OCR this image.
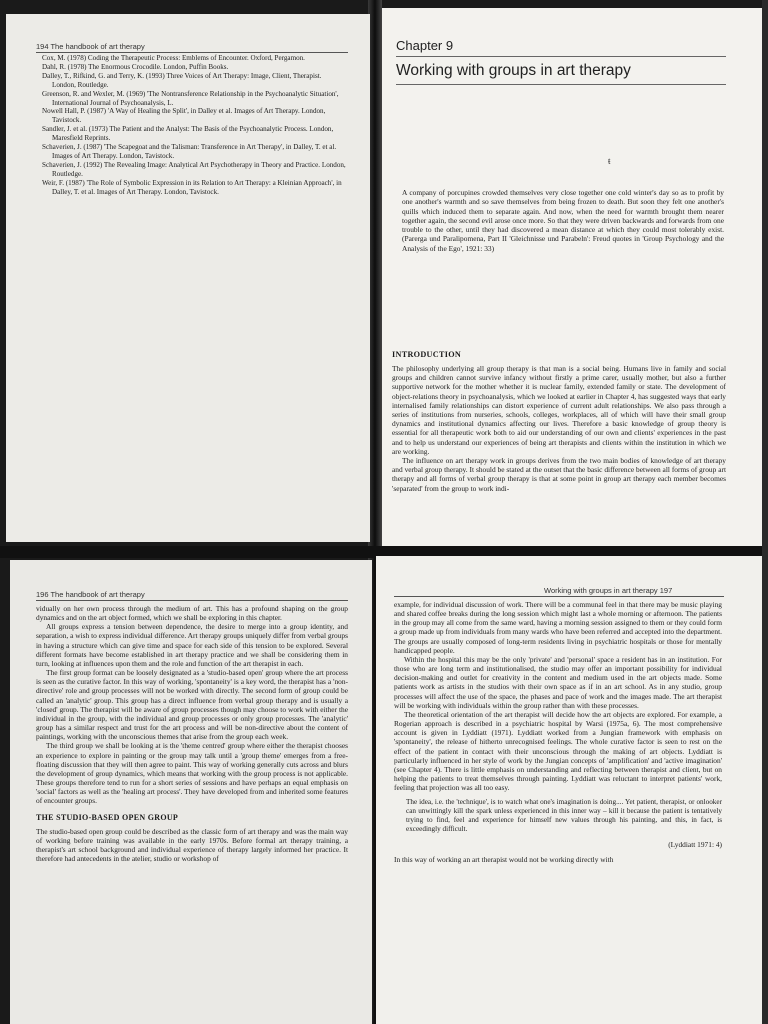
194 The handbook of art therapy

Cox, M. (1978) Coding the Therapeutic Process: Emblems of Encounter. Oxford, Pergamon.

Dahl, R. (1978) The Enormous Crocodile. London, Puffin Books.

Dalley, T., Rifkind, G. and Terry, K. (1993) Three Voices of Art Therapy: Image, Client, Therapist. London, Routledge.

Greenson, R. and Wexler, M. (1969) 'The Nontransference Relationship in the Psychoanalytic Situation', International Journal of Psychoanalysis, L.

Nowell Hall, P. (1987) 'A Way of Healing the Split', in Dalley et al. Images of Art Therapy. London, Tavistock.

Sandler, J. et al. (1973) The Patient and the Analyst: The Basis of the Psychoanalytic Process. London, Maresfield Reprints.

Schaverien, J. (1987) 'The Scapegoat and the Talisman: Transference in Art Therapy', in Dalley, T. et al. Images of Art Therapy. London, Tavistock.

Schaverien, J. (1992) The Revealing Image: Analytical Art Psychotherapy in Theory and Practice. London, Routledge.

Weir, F. (1987) 'The Role of Symbolic Expression in its Relation to Art Therapy: a Kleinian Approach', in Dalley, T. et al. Images of Art Therapy. London, Tavistock.

Chapter 9
Working with groups in art therapy
ŧ
A company of porcupines crowded themselves very close together one cold winter's day so as to profit by one another's warmth and so save themselves from being frozen to death. But soon they felt one another's quills which induced them to separate again. And now, when the need for warmth brought them nearer together again, the second evil arose once more. So that they were driven backwards and forwards from one trouble to the other, until they had discovered a mean distance at which they could most tolerably exist. (Parerga und Paralipomena, Part II 'Gleichnisse und Parabeln': Freud quotes in 'Group Psychology and the Analysis of the Ego', 1921: 33)
INTRODUCTION

The philosophy underlying all group therapy is that man is a social being. Humans live in family and social groups and children cannot survive infancy without firstly a prime carer, usually mother, but also a further supportive network for the mother whether it is nuclear family, extended family or state. The development of object-relations theory in psychoanalysis, which we looked at earlier in Chapter 4, has suggested ways that early internalised family relationships can distort experience of current adult relationships. We also pass through a series of institutions from nurseries, schools, colleges, workplaces, all of which will have their small group dynamics and institutional dynamics affecting our lives. Therefore a basic knowledge of group theory is essential for all therapeutic work both to aid our understanding of our own and clients' experiences in the past and to help us understand our experiences of being art therapists and clients within the institution in which we are working.

The influence on art therapy work in groups derives from the two main bodies of knowledge of art therapy and verbal group therapy. It should be stated at the outset that the basic difference between all forms of group art therapy and all forms of verbal group therapy is that at some point in group art therapy each member becomes 'separated' from the group to work indi-

196 The handbook of art therapy

vidually on her own process through the medium of art. This has a profound shaping on the group dynamics and on the art object formed, which we shall be exploring in this chapter.

All groups express a tension between dependence, the desire to merge into a group identity, and separation, a wish to express individual difference. Art therapy groups uniquely differ from verbal groups in having a structure which can give time and space for each side of this tension to be explored. Several different formats have become established in art therapy practice and we shall be considering them in turn, looking at influences upon them and the role and function of the art therapist in each.

The first group format can be loosely designated as a 'studio-based open' group where the art process is seen as the curative factor. In this way of working, 'spontaneity' is a key word, the therapist has a 'non-directive' role and group processes will not be worked with directly. The second form of group could be called an 'analytic' group. This group has a direct influence from verbal group therapy and is usually a 'closed' group. The therapist will be aware of group processes though may choose to work with either the individual in the group, with the individual and group processes or only group processes. The 'analytic' group has a similar respect and trust for the art process and will be non-directive about the content of paintings, working with the unconscious themes that arise from the group each week.

The third group we shall be looking at is the 'theme centred' group where either the therapist chooses an experience to explore in painting or the group may talk until a 'group theme' emerges from a free-floating discussion that they will then agree to paint. This way of working generally cuts across and blurs the development of group dynamics, which means that working with the group process is not applicable. These groups therefore tend to run for a short series of sessions and have perhaps an equal emphasis on 'social' factors as well as the 'healing art process'. They have developed from and inherited some features of encounter groups.

THE STUDIO-BASED OPEN GROUP

The studio-based open group could be described as the classic form of art therapy and was the main way of working before training was available in the early 1970s. Before formal art therapy training, a therapist's art school background and individual experience of therapy largely informed her practice. It therefore had antecedents in the atelier, studio or workshop of

Working with groups in art therapy 197

example, for individual discussion of work. There will be a communal feel in that there may be music playing and shared coffee breaks during the long session which might last a whole morning or afternoon. The patients in the group may all come from the same ward, having a morning session assigned to them or they could form a group made up from individuals from many wards who have been referred and accepted into the department. The groups are usually composed of long-term residents living in psychiatric hospitals or those for mentally handicapped people.

Within the hospital this may be the only 'private' and 'personal' space a resident has in an institution. For those who are long term and institutionalised, the studio may offer an important possibility for individual decision-making and outlet for creativity in the content and medium used in the art objects made. Some patients work as artists in the studios with their own space as if in an art school. As in any studio, group processes will affect the use of the space, the phases and pace of work and the images made. The art therapist will be working with individuals within the group rather than with these processes.

The theoretical orientation of the art therapist will decide how the art objects are explored. For example, a Rogerian approach is described in a psychiatric hospital by Warsi (1975a, 6). The most comprehensive account is given in Lyddiatt (1971). Lyddiatt worked from a Jungian framework with emphasis on 'spontaneity', the release of hitherto unrecognised feelings. The whole curative factor is seen to rest on the effect of the patient in contact with their unconscious through the making of art objects. Lyddiatt is particularly influenced in her style of work by the Jungian concepts of 'amplification' and 'active imagination' (see Chapter 4). There is little emphasis on understanding and reflecting between therapist and client, but on helping the patients to treat themselves through painting. Lyddiatt was reluctant to interpret patients' work, feeling that projection was all too easy.

The idea, i.e. the 'technique', is to watch what one's imagination is doing.... Yet patient, therapist, or onlooker can unwittingly kill the spark unless experienced in this inner way – kill it because the patient is tentatively trying to find, feel and experience for himself new values through his painting, and this, in fact, is exceedingly difficult.

(Lyddiatt 1971: 4)

In this way of working an art therapist would not be working directly with
